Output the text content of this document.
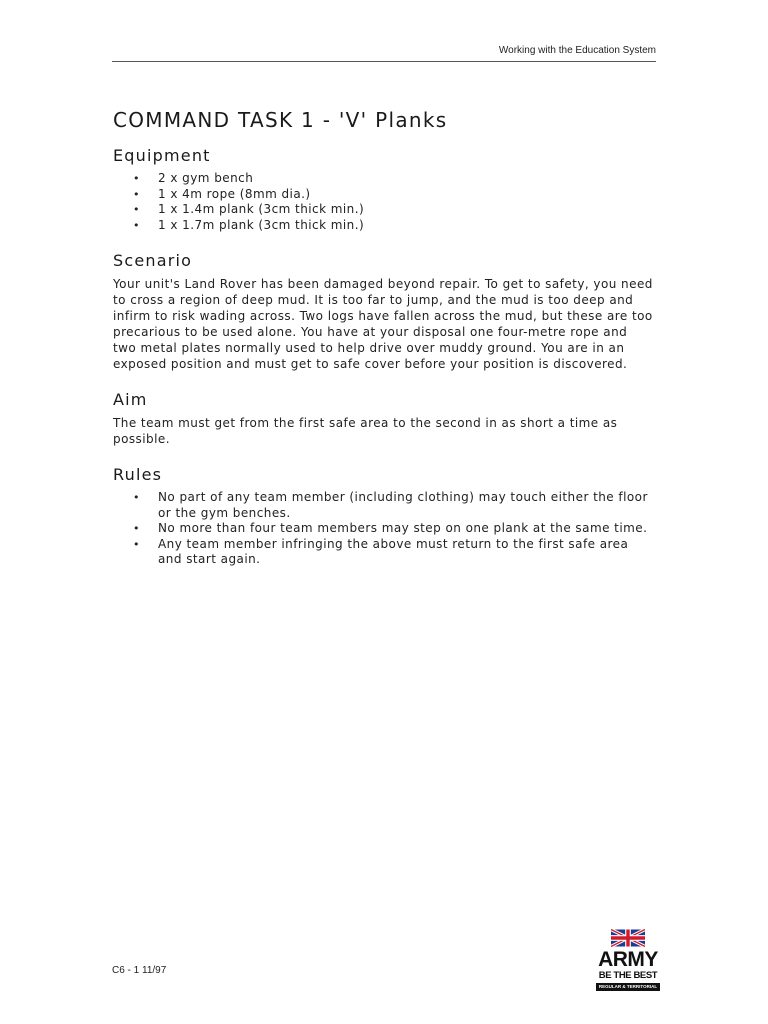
Working with the Education System
COMMAND TASK 1 - 'V' Planks
Equipment
• 2 x gym bench
• 1 x 4m rope (8mm dia.)
• 1 x 1.4m plank (3cm thick min.)
• 1 x 1.7m plank (3cm thick min.)
Scenario

Your unit's Land Rover has been damaged beyond repair. To get to safety, you need to cross a region of deep mud. It is too far to jump, and the mud is too deep and infirm to risk wading across. Two logs have fallen across the mud, but these are too precarious to be used alone. You have at your disposal one four-metre rope and two metal plates normally used to help drive over muddy ground. You are in an exposed position and must get to safe cover before your position is discovered.

Aim

The team must get from the first safe area to the second in as short a time as possible.

Rules
• No part of any team member (including clothing) may touch either the floor or the gym benches.
• No more than four team members may step on one plank at the same time.
• Any team member infringing the above must return to the first safe area and start again.
C6 - 1 11/97	ARMY
BE THE BEST
REGULAR & TERRITORIAL
